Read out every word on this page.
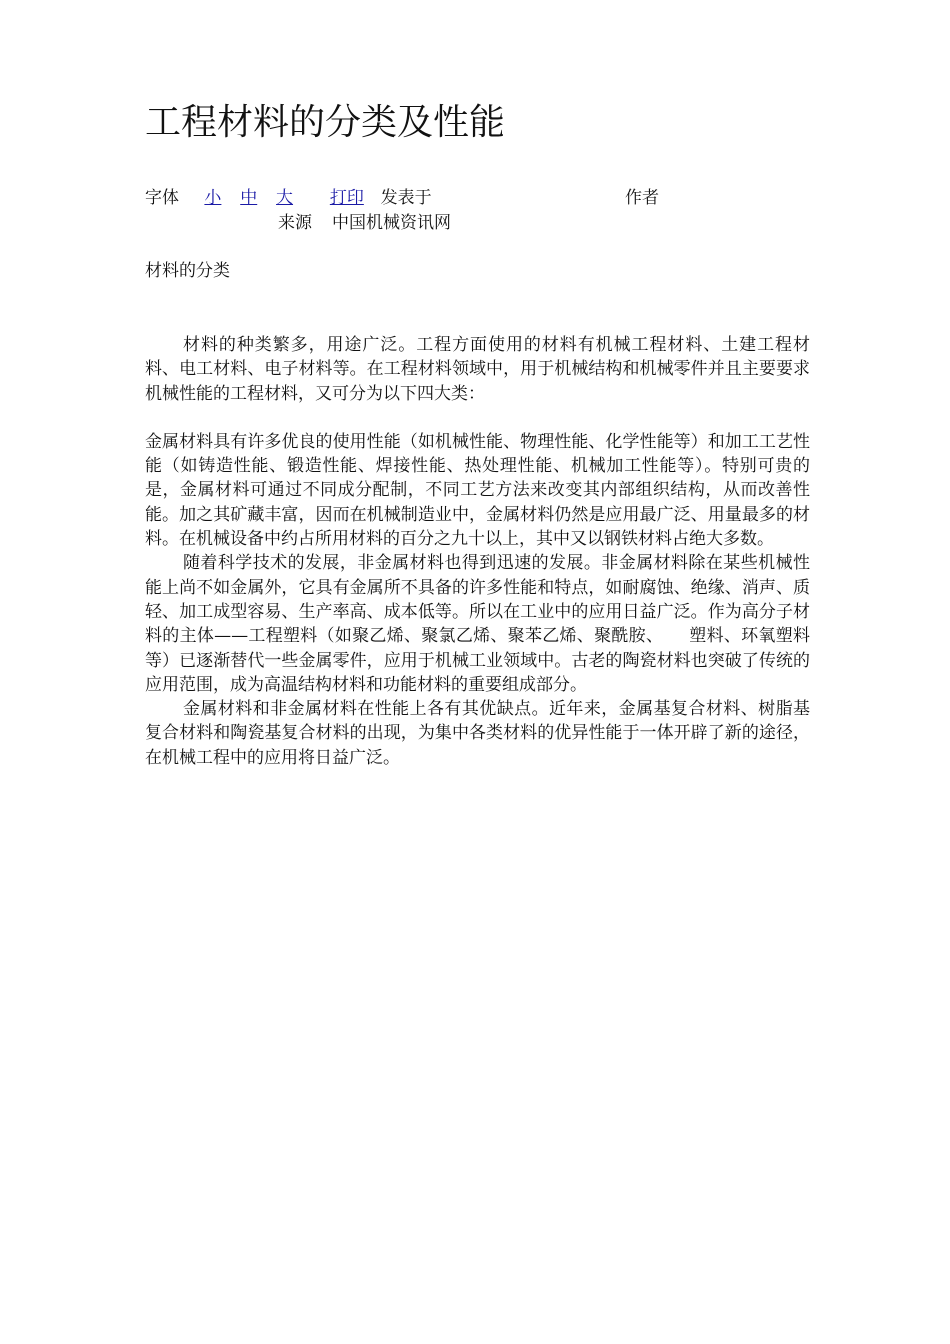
工程材料的分类及性能
字体 小 中 大 打印 发表于	作者
来源 中国机械资讯网
材料的分类

材料的种类繁多，用途广泛。工程方面使用的材料有机械工程材料、土建工程材料、电工材料、电子材料等。在工程材料领域中，用于机械结构和机械零件并且主要要求机械性能的工程材料，又可分为以下四大类：

金属材料具有许多优良的使用性能（如机械性能、物理性能、化学性能等）和加工工艺性能（如铸造性能、锻造性能、焊接性能、热处理性能、机械加工性能等）。特别可贵的是，金属材料可通过不同成分配制，不同工艺方法来改变其内部组织结构，从而改善性能。加之其矿藏丰富，因而在机械制造业中，金属材料仍然是应用最广泛、用量最多的材料。在机械设备中约占所用材料的百分之九十以上，其中又以钢铁材料占绝大多数。

随着科学技术的发展，非金属材料也得到迅速的发展。非金属材料除在某些机械性能上尚不如金属外，它具有金属所不具备的许多性能和特点，如耐腐蚀、绝缘、消声、质轻、加工成型容易、生产率高、成本低等。所以在工业中的应用日益广泛。作为高分子材料的主体——工程塑料（如聚乙烯、聚氯乙烯、聚苯乙烯、聚酰胺、　　塑料、环氧塑料等）已逐渐替代一些金属零件，应用于机械工业领域中。古老的陶瓷材料也突破了传统的应用范围，成为高温结构材料和功能材料的重要组成部分。

金属材料和非金属材料在性能上各有其优缺点。近年来，金属基复合材料、树脂基复合材料和陶瓷基复合材料的出现，为集中各类材料的优异性能于一体开辟了新的途径，在机械工程中的应用将日益广泛。
